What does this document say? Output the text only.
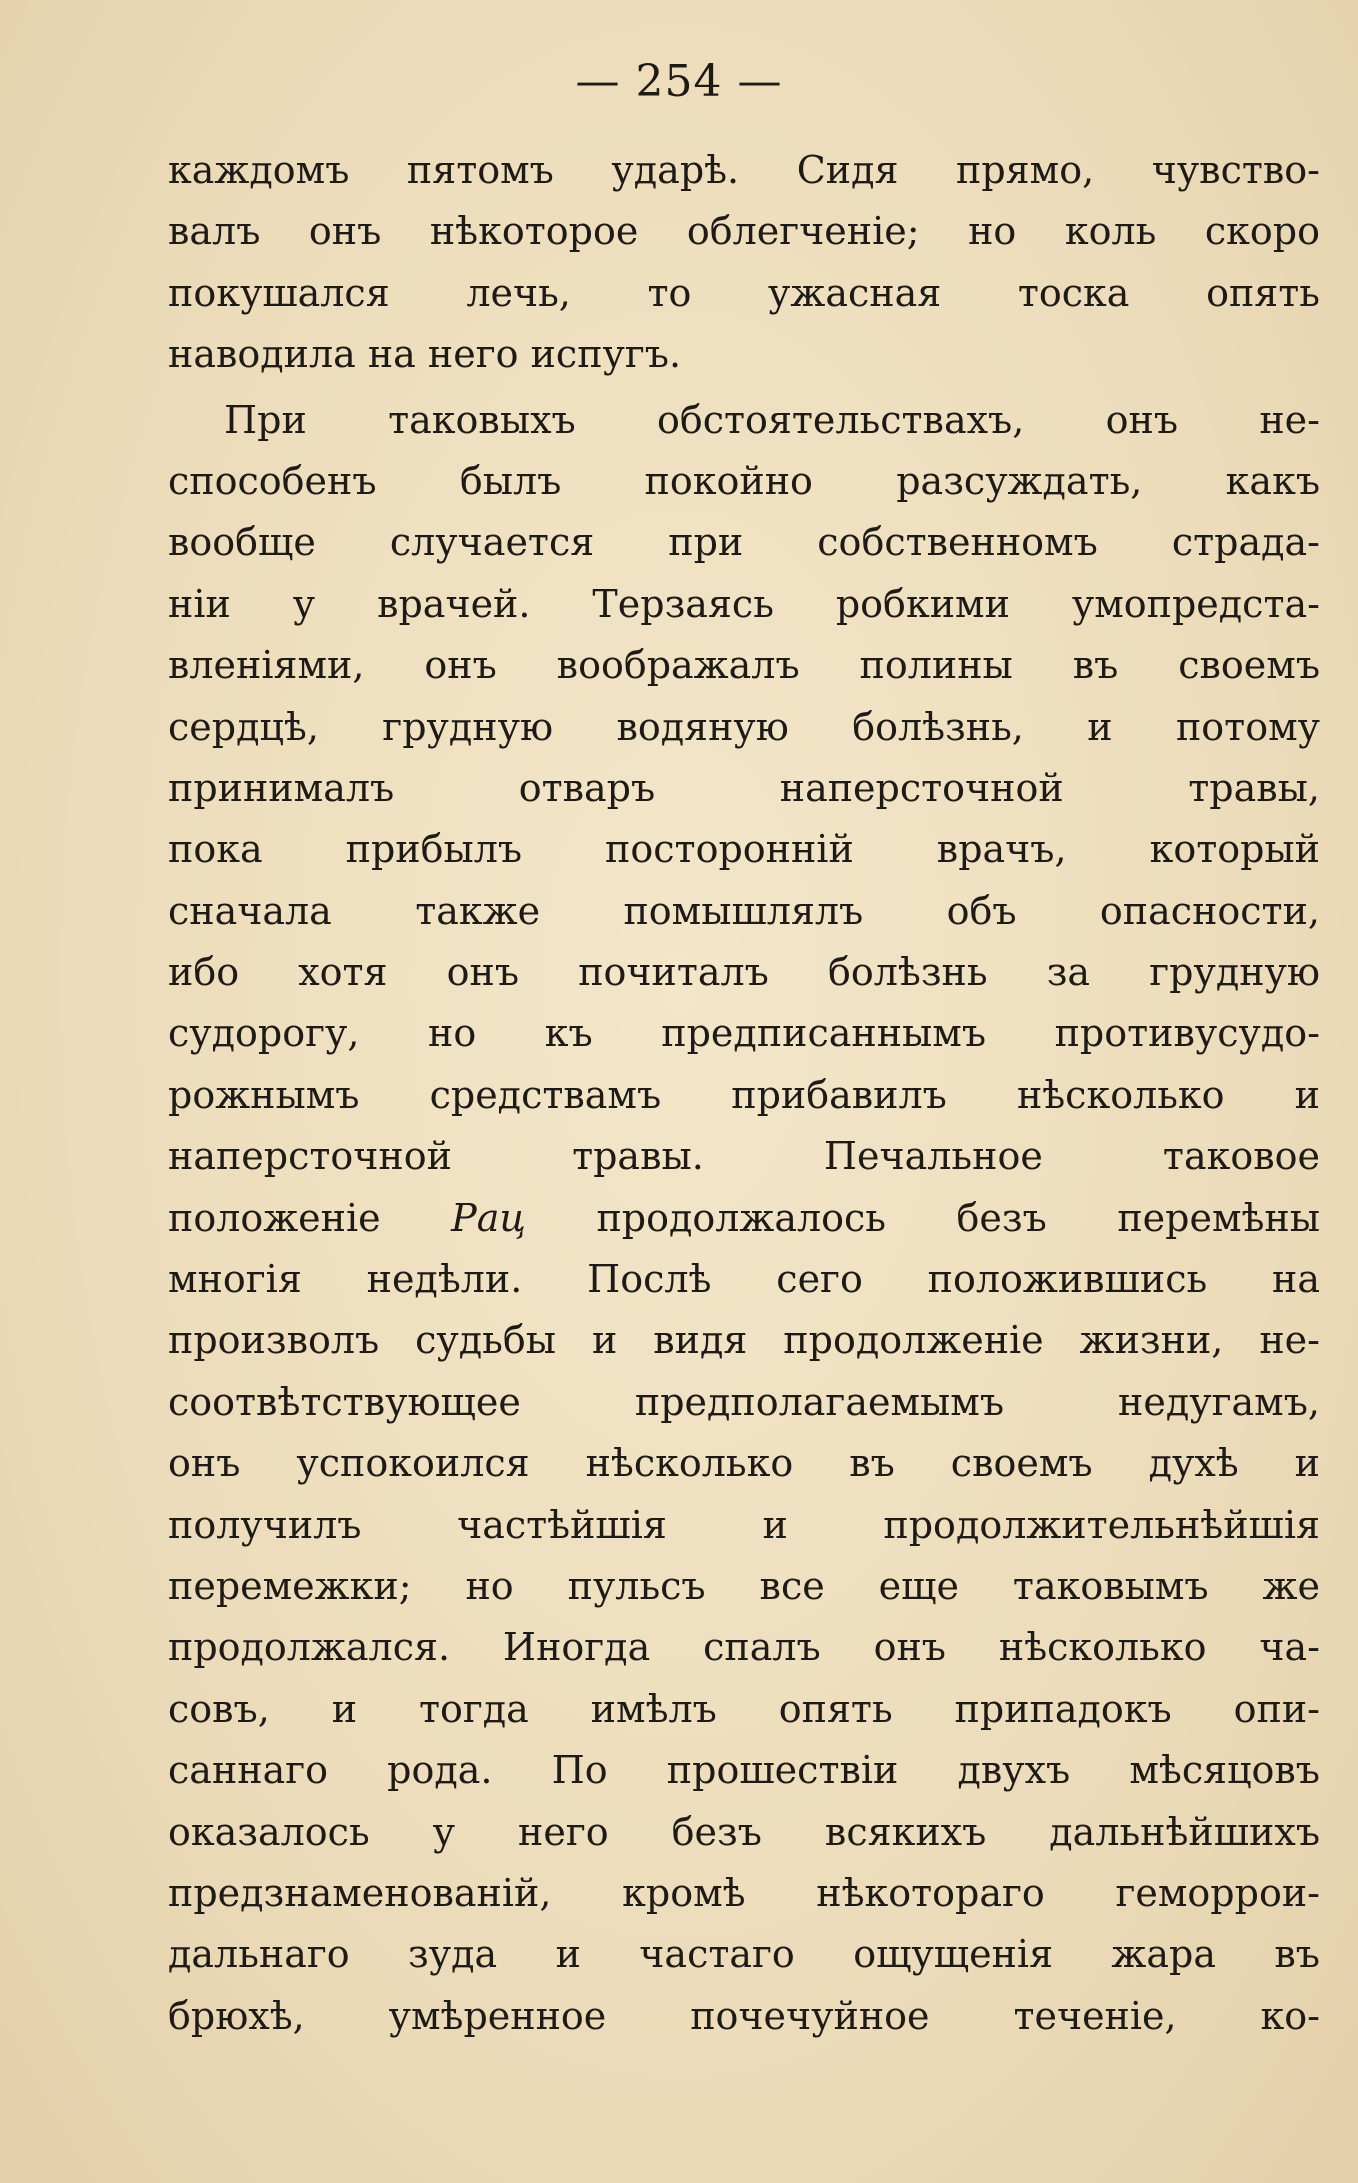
— 254 —
каждомъ пятомъ ударѣ. Сидя прямо, чувство-
валъ онъ нѣкоторое облегченіе; но коль скоро
покушался лечь, то ужасная тоска опять
наводила на него испугъ.
При таковыхъ обстоятельствахъ, онъ не-
способенъ былъ покойно разсуждать, какъ
вообще случается при собственномъ страда-
ніи у врачей. Терзаясь робкими умопредста-
вленіями, онъ воображалъ полины въ своемъ
сердцѣ, грудную водяную болѣзнь, и потому
принималъ отваръ наперсточной травы,
пока прибылъ посторонній врачъ, который
сначала также помышлялъ объ опасности,
ибо хотя онъ почиталъ болѣзнь за грудную
судорогу, но къ предписаннымъ противусудо-
рожнымъ средствамъ прибавилъ нѣсколько и
наперсточной травы. Печальное таковое
положеніе Рац продолжалось безъ перемѣны
многія недѣли. Послѣ сего положившись на
произволъ судьбы и видя продолженіе жизни, не-
соотвѣтствующее предполагаемымъ недугамъ,
онъ успокоился нѣсколько въ своемъ духѣ и
получилъ частѣйшія и продолжительнѣйшія
перемежки; но пульсъ все еще таковымъ же
продолжался. Иногда спалъ онъ нѣсколько ча-
совъ, и тогда имѣлъ опять припадокъ опи-
саннаго рода. По прошествіи двухъ мѣсяцовъ
оказалось у него безъ всякихъ дальнѣйшихъ
предзнаменованій, кромѣ нѣкотораго геморрои-
дальнаго зуда и частаго ощущенія жара въ
брюхѣ, умѣренное почечуйное теченіе, ко-
